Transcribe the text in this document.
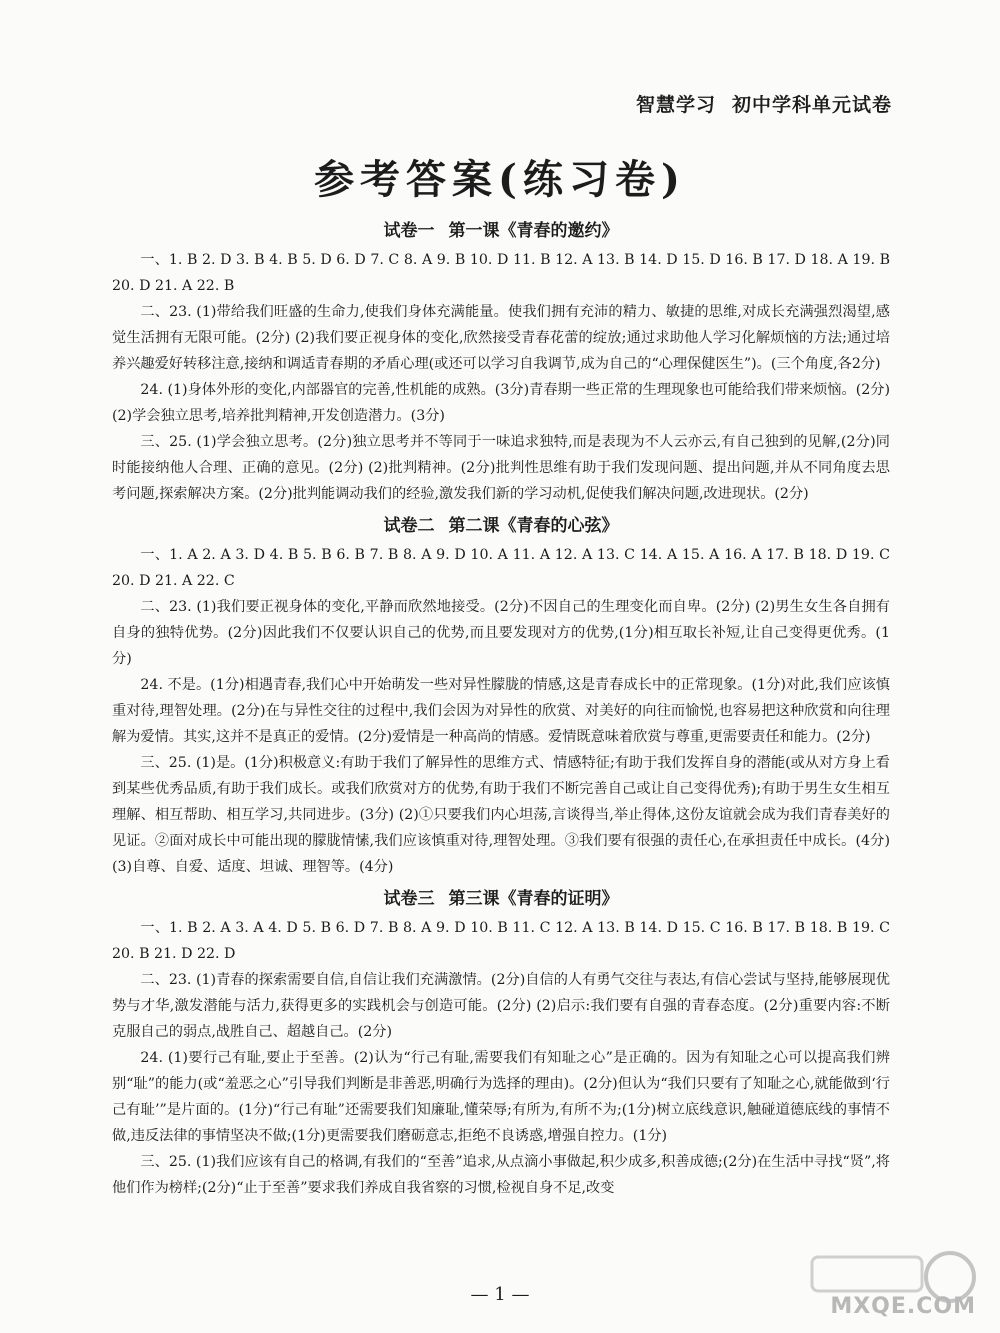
智慧学习 初中学科单元试卷
参考答案(练习卷)
试卷一 第一课《青春的邀约》

一、1. B 2. D 3. B 4. B 5. D 6. D 7. C 8. A 9. B 10. D 11. B 12. A 13. B 14. D 15. D 16. B 17. D 18. A 19. B 20. D 21. A 22. B

二、23. (1)带给我们旺盛的生命力,使我们身体充满能量。使我们拥有充沛的精力、敏捷的思维,对成长充满强烈渴望,感觉生活拥有无限可能。(2分) (2)我们要正视身体的变化,欣然接受青春花蕾的绽放;通过求助他人学习化解烦恼的方法;通过培养兴趣爱好转移注意,接纳和调适青春期的矛盾心理(或还可以学习自我调节,成为自己的“心理保健医生”)。(三个角度,各2分)

24. (1)身体外形的变化,内部器官的完善,性机能的成熟。(3分)青春期一些正常的生理现象也可能给我们带来烦恼。(2分) (2)学会独立思考,培养批判精神,开发创造潜力。(3分)

三、25. (1)学会独立思考。(2分)独立思考并不等同于一味追求独特,而是表现为不人云亦云,有自己独到的见解,(2分)同时能接纳他人合理、正确的意见。(2分) (2)批判精神。(2分)批判性思维有助于我们发现问题、提出问题,并从不同角度去思考问题,探索解决方案。(2分)批判能调动我们的经验,激发我们新的学习动机,促使我们解决问题,改进现状。(2分)

试卷二 第二课《青春的心弦》

一、1. A 2. A 3. D 4. B 5. B 6. B 7. B 8. A 9. D 10. A 11. A 12. A 13. C 14. A 15. A 16. A 17. B 18. D 19. C 20. D 21. A 22. C

二、23. (1)我们要正视身体的变化,平静而欣然地接受。(2分)不因自己的生理变化而自卑。(2分) (2)男生女生各自拥有自身的独特优势。(2分)因此我们不仅要认识自己的优势,而且要发现对方的优势,(1分)相互取长补短,让自己变得更优秀。(1分)

24. 不是。(1分)相遇青春,我们心中开始萌发一些对异性朦胧的情感,这是青春成长中的正常现象。(1分)对此,我们应该慎重对待,理智处理。(2分)在与异性交往的过程中,我们会因为对异性的欣赏、对美好的向往而愉悦,也容易把这种欣赏和向往理解为爱情。其实,这并不是真正的爱情。(2分)爱情是一种高尚的情感。爱情既意味着欣赏与尊重,更需要责任和能力。(2分)

三、25. (1)是。(1分)积极意义:有助于我们了解异性的思维方式、情感特征;有助于我们发挥自身的潜能(或从对方身上看到某些优秀品质,有助于我们成长。或我们欣赏对方的优势,有助于我们不断完善自己或让自己变得优秀);有助于男生女生相互理解、相互帮助、相互学习,共同进步。(3分) (2)①只要我们内心坦荡,言谈得当,举止得体,这份友谊就会成为我们青春美好的见证。②面对成长中可能出现的朦胧情愫,我们应该慎重对待,理智处理。③我们要有很强的责任心,在承担责任中成长。(4分) (3)自尊、自爱、适度、坦诚、理智等。(4分)

试卷三 第三课《青春的证明》

一、1. B 2. A 3. A 4. D 5. B 6. D 7. B 8. A 9. D 10. B 11. C 12. A 13. B 14. D 15. C 16. B 17. B 18. B 19. C 20. B 21. D 22. D

二、23. (1)青春的探索需要自信,自信让我们充满激情。(2分)自信的人有勇气交往与表达,有信心尝试与坚持,能够展现优势与才华,激发潜能与活力,获得更多的实践机会与创造可能。(2分) (2)启示:我们要有自强的青春态度。(2分)重要内容:不断克服自己的弱点,战胜自己、超越自己。(2分)

24. (1)要行己有耻,要止于至善。(2)认为“行己有耻,需要我们有知耻之心”是正确的。因为有知耻之心可以提高我们辨别“耻”的能力(或“羞恶之心”引导我们判断是非善恶,明确行为选择的理由)。(2分)但认为“我们只要有了知耻之心,就能做到‘行己有耻’”是片面的。(1分)“行己有耻”还需要我们知廉耻,懂荣辱;有所为,有所不为;(1分)树立底线意识,触碰道德底线的事情不做,违反法律的事情坚决不做;(1分)更需要我们磨砺意志,拒绝不良诱惑,增强自控力。(1分)

三、25. (1)我们应该有自己的格调,有我们的“至善”追求,从点滴小事做起,积少成多,积善成德;(2分)在生活中寻找“贤”,将他们作为榜样;(2分)“止于至善”要求我们养成自我省察的习惯,检视自身不足,改变

— 1 —	MXQE.COM
